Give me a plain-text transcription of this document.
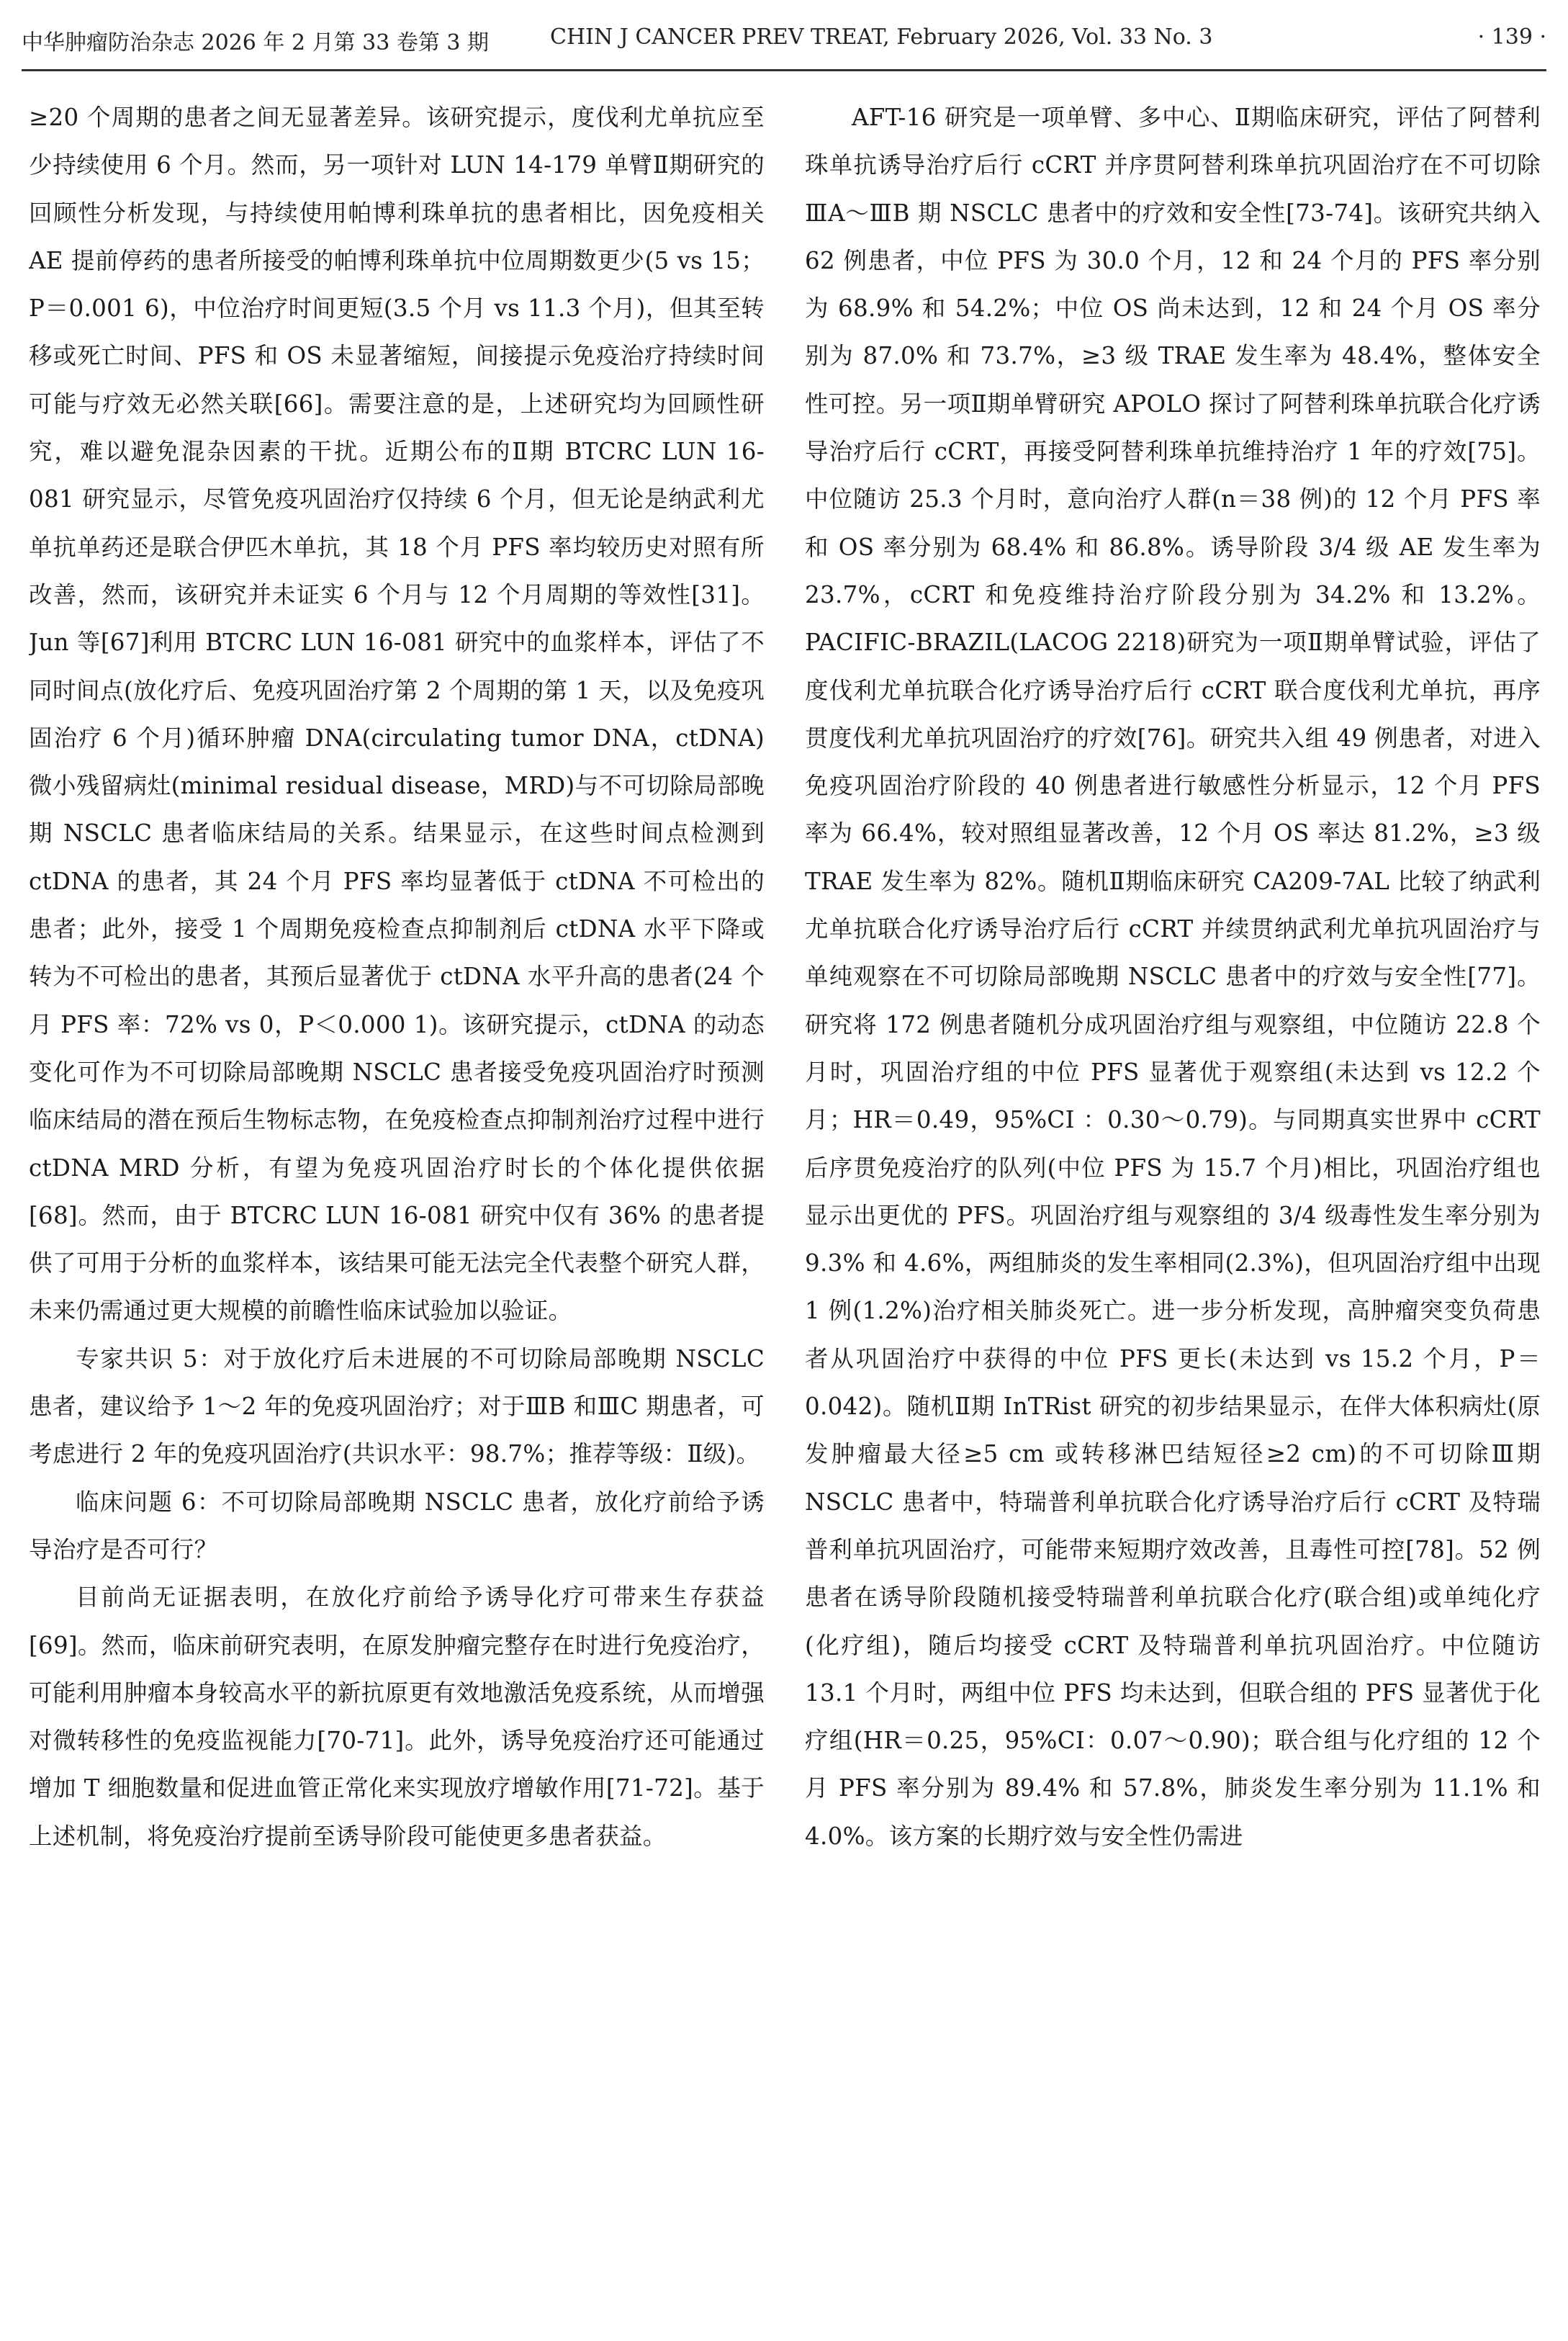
中华肿瘤防治杂志 2026 年 2 月第 33 卷第 3 期	CHIN J CANCER PREV TREAT, February 2026, Vol. 33 No. 3	· 139 ·

≥20 个周期的患者之间无显著差异。该研究提示，度伐利尤单抗应至少持续使用 6 个月。然而，另一项针对 LUN 14-179 单臂Ⅱ期研究的回顾性分析发现，与持续使用帕博利珠单抗的患者相比，因免疫相关 AE 提前停药的患者所接受的帕博利珠单抗中位周期数更少(5 vs 15；P＝0.001 6)，中位治疗时间更短(3.5 个月 vs 11.3 个月)，但其至转移或死亡时间、PFS 和 OS 未显著缩短，间接提示免疫治疗持续时间可能与疗效无必然关联[66]。需要注意的是，上述研究均为回顾性研究，难以避免混杂因素的干扰。近期公布的Ⅱ期 BTCRC LUN 16-081 研究显示，尽管免疫巩固治疗仅持续 6 个月，但无论是纳武利尤单抗单药还是联合伊匹木单抗，其 18 个月 PFS 率均较历史对照有所改善，然而，该研究并未证实 6 个月与 12 个月周期的等效性[31]。Jun 等[67]利用 BTCRC LUN 16-081 研究中的血浆样本，评估了不同时间点(放化疗后、免疫巩固治疗第 2 个周期的第 1 天，以及免疫巩固治疗 6 个月)循环肿瘤 DNA(circulating tumor DNA，ctDNA)微小残留病灶(minimal residual disease，MRD)与不可切除局部晚期 NSCLC 患者临床结局的关系。结果显示，在这些时间点检测到 ctDNA 的患者，其 24 个月 PFS 率均显著低于 ctDNA 不可检出的患者；此外，接受 1 个周期免疫检查点抑制剂后 ctDNA 水平下降或转为不可检出的患者，其预后显著优于 ctDNA 水平升高的患者(24 个月 PFS 率：72% vs 0，P＜0.000 1)。该研究提示，ctDNA 的动态变化可作为不可切除局部晚期 NSCLC 患者接受免疫巩固治疗时预测临床结局的潜在预后生物标志物，在免疫检查点抑制剂治疗过程中进行 ctDNA MRD 分析，有望为免疫巩固治疗时长的个体化提供依据[68]。然而，由于 BTCRC LUN 16-081 研究中仅有 36% 的患者提供了可用于分析的血浆样本，该结果可能无法完全代表整个研究人群，未来仍需通过更大规模的前瞻性临床试验加以验证。

专家共识 5：对于放化疗后未进展的不可切除局部晚期 NSCLC 患者，建议给予 1～2 年的免疫巩固治疗；对于ⅢB 和ⅢC 期患者，可考虑进行 2 年的免疫巩固治疗(共识水平：98.7%；推荐等级：Ⅱ级)。

临床问题 6：不可切除局部晚期 NSCLC 患者，放化疗前给予诱导治疗是否可行？

目前尚无证据表明，在放化疗前给予诱导化疗可带来生存获益[69]。然而，临床前研究表明，在原发肿瘤完整存在时进行免疫治疗，可能利用肿瘤本身较高水平的新抗原更有效地激活免疫系统，从而增强对微转移性的免疫监视能力[70-71]。此外，诱导免疫治疗还可能通过增加 T 细胞数量和促进血管正常化来实现放疗增敏作用[71-72]。基于上述机制，将免疫治疗提前至诱导阶段可能使更多患者获益。

AFT-16 研究是一项单臂、多中心、Ⅱ期临床研究，评估了阿替利珠单抗诱导治疗后行 cCRT 并序贯阿替利珠单抗巩固治疗在不可切除ⅢA～ⅢB 期 NSCLC 患者中的疗效和安全性[73-74]。该研究共纳入 62 例患者，中位 PFS 为 30.0 个月，12 和 24 个月的 PFS 率分别为 68.9% 和 54.2%；中位 OS 尚未达到，12 和 24 个月 OS 率分别为 87.0% 和 73.7%，≥3 级 TRAE 发生率为 48.4%，整体安全性可控。另一项Ⅱ期单臂研究 APOLO 探讨了阿替利珠单抗联合化疗诱导治疗后行 cCRT，再接受阿替利珠单抗维持治疗 1 年的疗效[75]。中位随访 25.3 个月时，意向治疗人群(n＝38 例)的 12 个月 PFS 率和 OS 率分别为 68.4% 和 86.8%。诱导阶段 3/4 级 AE 发生率为 23.7%，cCRT 和免疫维持治疗阶段分别为 34.2% 和 13.2%。PACIFIC-BRAZIL(LACOG 2218)研究为一项Ⅱ期单臂试验，评估了度伐利尤单抗联合化疗诱导治疗后行 cCRT 联合度伐利尤单抗，再序贯度伐利尤单抗巩固治疗的疗效[76]。研究共入组 49 例患者，对进入免疫巩固治疗阶段的 40 例患者进行敏感性分析显示，12 个月 PFS 率为 66.4%，较对照组显著改善，12 个月 OS 率达 81.2%，≥3 级 TRAE 发生率为 82%。随机Ⅱ期临床研究 CA209-7AL 比较了纳武利尤单抗联合化疗诱导治疗后行 cCRT 并续贯纳武利尤单抗巩固治疗与单纯观察在不可切除局部晚期 NSCLC 患者中的疗效与安全性[77]。研究将 172 例患者随机分成巩固治疗组与观察组，中位随访 22.8 个月时，巩固治疗组的中位 PFS 显著优于观察组(未达到 vs 12.2 个月；HR＝0.49，95%CI ：0.30～0.79)。与同期真实世界中 cCRT 后序贯免疫治疗的队列(中位 PFS 为 15.7 个月)相比，巩固治疗组也显示出更优的 PFS。巩固治疗组与观察组的 3/4 级毒性发生率分别为 9.3% 和 4.6%，两组肺炎的发生率相同(2.3%)，但巩固治疗组中出现 1 例(1.2%)治疗相关肺炎死亡。进一步分析发现，高肿瘤突变负荷患者从巩固治疗中获得的中位 PFS 更长(未达到 vs 15.2 个月，P＝0.042)。随机Ⅱ期 InTRist 研究的初步结果显示，在伴大体积病灶(原发肿瘤最大径≥5 cm 或转移淋巴结短径≥2 cm)的不可切除Ⅲ期 NSCLC 患者中，特瑞普利单抗联合化疗诱导治疗后行 cCRT 及特瑞普利单抗巩固治疗，可能带来短期疗效改善，且毒性可控[78]。52 例患者在诱导阶段随机接受特瑞普利单抗联合化疗(联合组)或单纯化疗(化疗组)，随后均接受 cCRT 及特瑞普利单抗巩固治疗。中位随访 13.1 个月时，两组中位 PFS 均未达到，但联合组的 PFS 显著优于化疗组(HR＝0.25，95%CI：0.07～0.90)；联合组与化疗组的 12 个月 PFS 率分别为 89.4% 和 57.8%，肺炎发生率分别为 11.1% 和 4.0%。该方案的长期疗效与安全性仍需进
